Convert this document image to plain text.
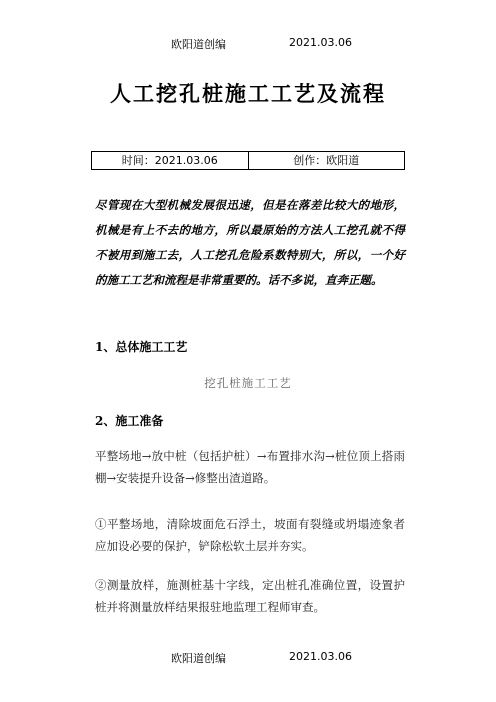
欧阳道创编	2021.03.06
人工挖孔桩施工工艺及流程
时间：2021.03.06	创作：欧阳道
尽管现在大型机械发展很迅速，但是在落差比较大的地形，机械是有上不去的地方，所以最原始的方法人工挖孔就不得不被用到施工去，人工挖孔危险系数特别大，所以，一个好的施工工艺和流程是非常重要的。话不多说，直奔正题。
1、总体施工工艺
挖孔桩施工工艺
2、施工准备
平整场地→放中桩（包括护桩）→布置排水沟→桩位顶上搭雨棚→安装提升设备→修整出渣道路。
①平整场地，清除坡面危石浮土，坡面有裂缝或坍塌迹象者应加设必要的保护，铲除松软土层并夯实。
②测量放样，施测桩基十字线，定出桩孔准确位置，设置护桩并将测量放样结果报驻地监理工程师审查。
欧阳道创编	2021.03.06
